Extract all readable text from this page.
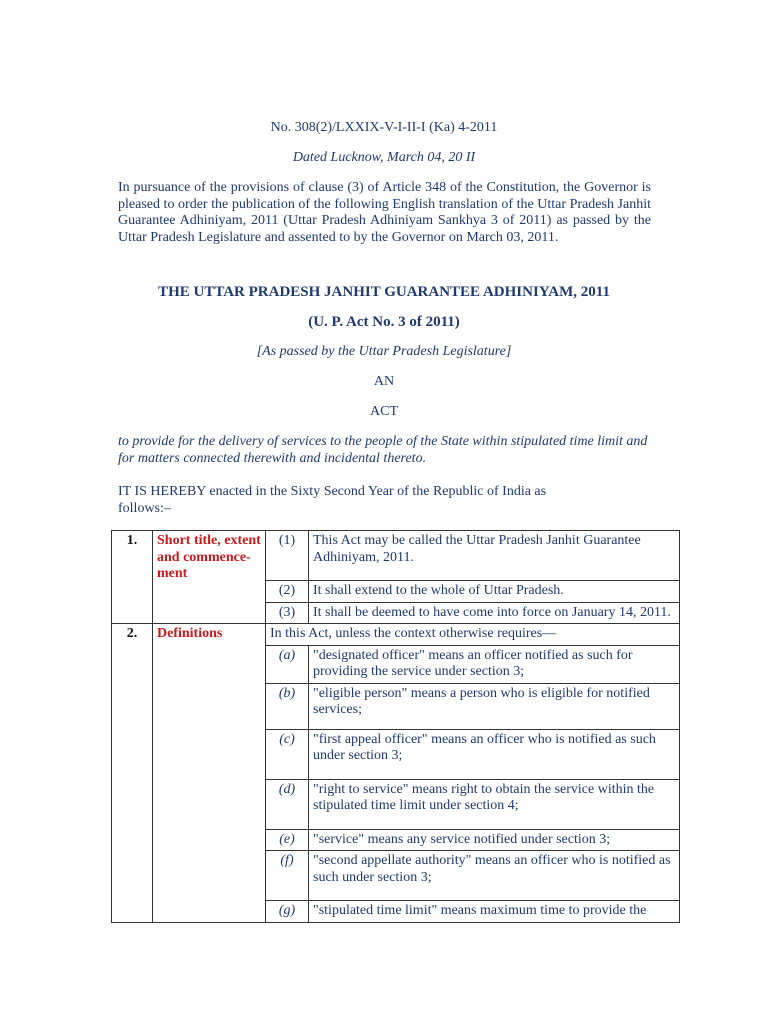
No. 308(2)/LXXIX-V-I-II-I (Ka) 4-2011
Dated Lucknow, March 04, 20 II

In pursuance of the provisions of clause (3) of Article 348 of the Constitution, the Governor is pleased to order the publication of the following English translation of the Uttar Pradesh Janhit Guarantee Adhiniyam, 2011 (Uttar Pradesh Adhiniyam Sankhya 3 of 2011) as passed by the Uttar Pradesh Legislature and assented to by the Governor on March 03, 2011.

THE UTTAR PRADESH JANHIT GUARANTEE ADHINIYAM, 2011
(U. P. Act No. 3 of 2011)
[As passed by the Uttar Pradesh Legislature]
AN
ACT

to provide for the delivery of services to the people of the State within stipulated time limit and for matters connected therewith and incidental thereto.

IT IS HEREBY enacted in the Sixty Second Year of the Republic of India as follows:–

1.	Short title, extent and commence-ment	(1)	This Act may be called the Uttar Pradesh Janhit Guarantee Adhiniyam, 2011.
		(2)	It shall extend to the whole of Uttar Pradesh.
		(3)	It shall be deemed to have come into force on January 14, 2011.
2.	Definitions	In this Act, unless the context otherwise requires—	
		(a)	"designated officer" means an officer notified as such for providing the service under section 3;
		(b)	"eligible person" means a person who is eligible for notified services;
		(c)	"first appeal officer" means an officer who is notified as such under section 3;
		(d)	"right to service" means right to obtain the service within the stipulated time limit under section 4;
		(e)	"service" means any service notified under section 3;
		(f)	"second appellate authority" means an officer who is notified as such under section 3;
		(g)	"stipulated time limit" means maximum time to provide the
